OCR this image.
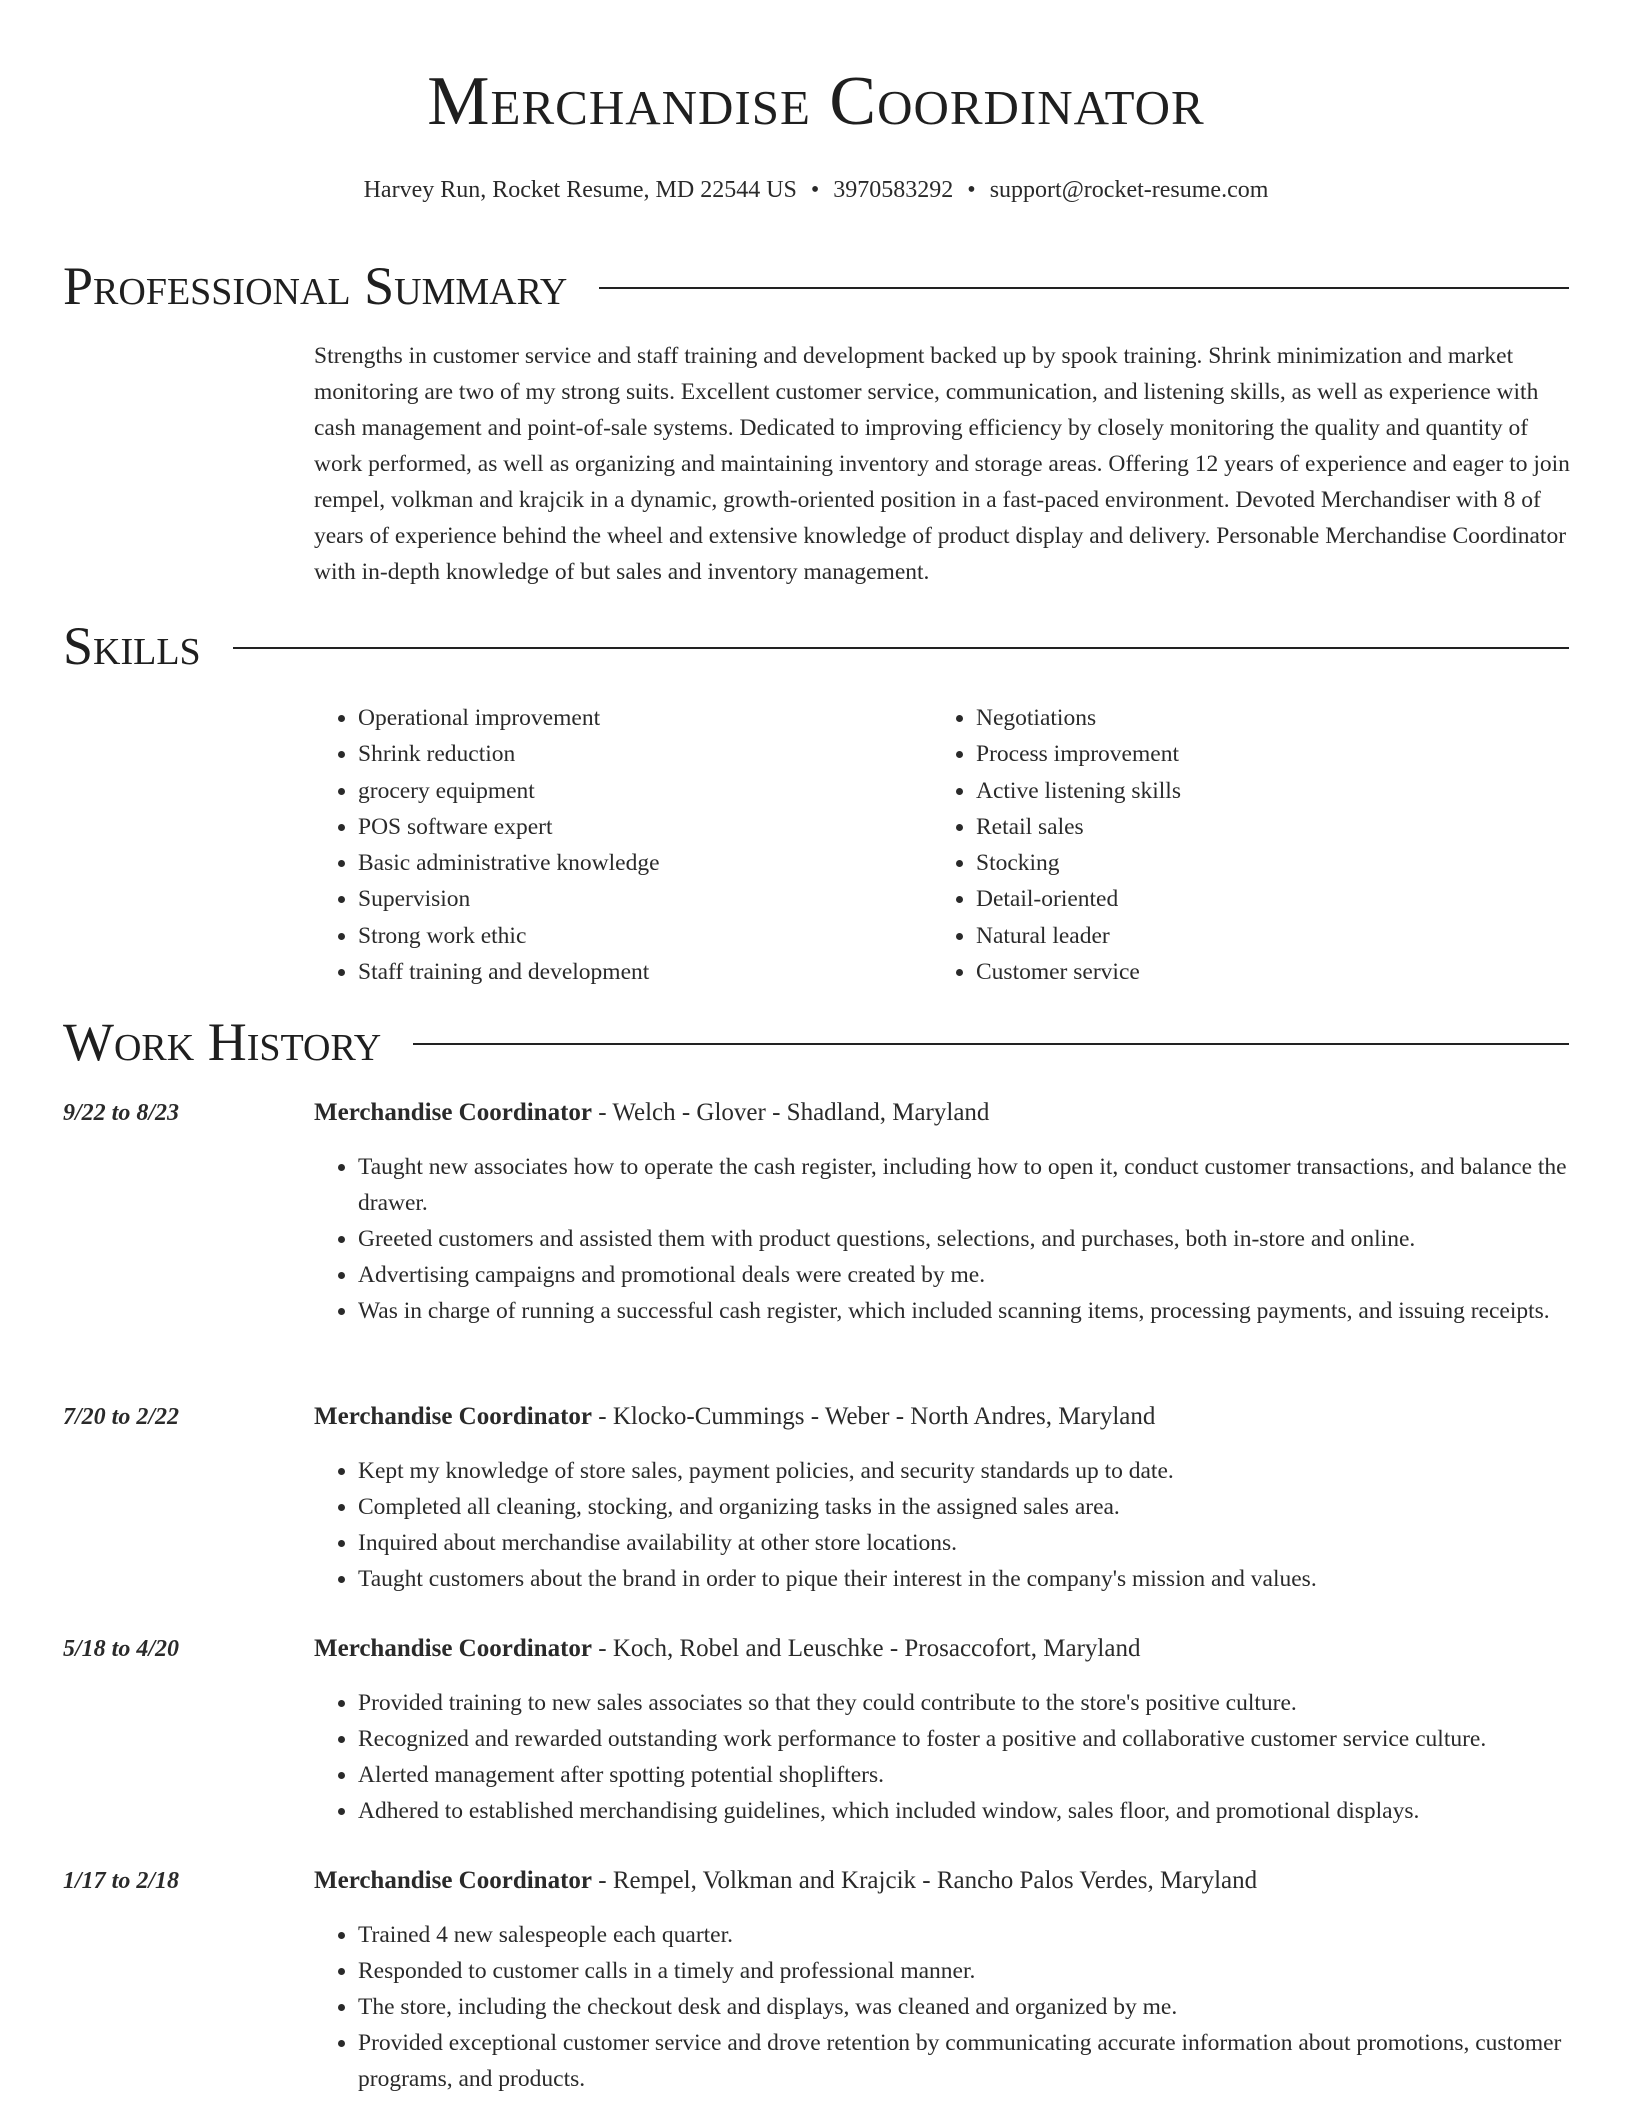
Merchandise Coordinator
Harvey Run, Rocket Resume, MD 22544 US • 3970583292 • support@rocket-resume.com
Professional Summary

Strengths in customer service and staff training and development backed up by spook training. Shrink minimization and market monitoring are two of my strong suits. Excellent customer service, communication, and listening skills, as well as experience with cash management and point-of-sale systems. Dedicated to improving efficiency by closely monitoring the quality and quantity of work performed, as well as organizing and maintaining inventory and storage areas. Offering 12 years of experience and eager to join rempel, volkman and krajcik in a dynamic, growth-oriented position in a fast-paced environment. Devoted Merchandiser with 8 of years of experience behind the wheel and extensive knowledge of product display and delivery. Personable Merchandise Coordinator with in-depth knowledge of but sales and inventory management.

Skills
• Operational improvement
• Shrink reduction
• grocery equipment
• POS software expert
• Basic administrative knowledge
• Supervision
• Strong work ethic
• Staff training and development
• Negotiations
• Process improvement
• Active listening skills
• Retail sales
• Stocking
• Detail-oriented
• Natural leader
• Customer service
Work History
9/22 to 8/23	Merchandise Coordinator - Welch - Glover - Shadland, Maryland
• Taught new associates how to operate the cash register, including how to open it, conduct customer transactions, and balance the drawer.
• Greeted customers and assisted them with product questions, selections, and purchases, both in-store and online.
• Advertising campaigns and promotional deals were created by me.
• Was in charge of running a successful cash register, which included scanning items, processing payments, and issuing receipts.
7/20 to 2/22	Merchandise Coordinator - Klocko-Cummings - Weber - North Andres, Maryland
• Kept my knowledge of store sales, payment policies, and security standards up to date.
• Completed all cleaning, stocking, and organizing tasks in the assigned sales area.
• Inquired about merchandise availability at other store locations.
• Taught customers about the brand in order to pique their interest in the company's mission and values.
5/18 to 4/20	Merchandise Coordinator - Koch, Robel and Leuschke - Prosaccofort, Maryland
• Provided training to new sales associates so that they could contribute to the store's positive culture.
• Recognized and rewarded outstanding work performance to foster a positive and collaborative customer service culture.
• Alerted management after spotting potential shoplifters.
• Adhered to established merchandising guidelines, which included window, sales floor, and promotional displays.
1/17 to 2/18	Merchandise Coordinator - Rempel, Volkman and Krajcik - Rancho Palos Verdes, Maryland
• Trained 4 new salespeople each quarter.
• Responded to customer calls in a timely and professional manner.
• The store, including the checkout desk and displays, was cleaned and organized by me.
• Provided exceptional customer service and drove retention by communicating accurate information about promotions, customer programs, and products.
